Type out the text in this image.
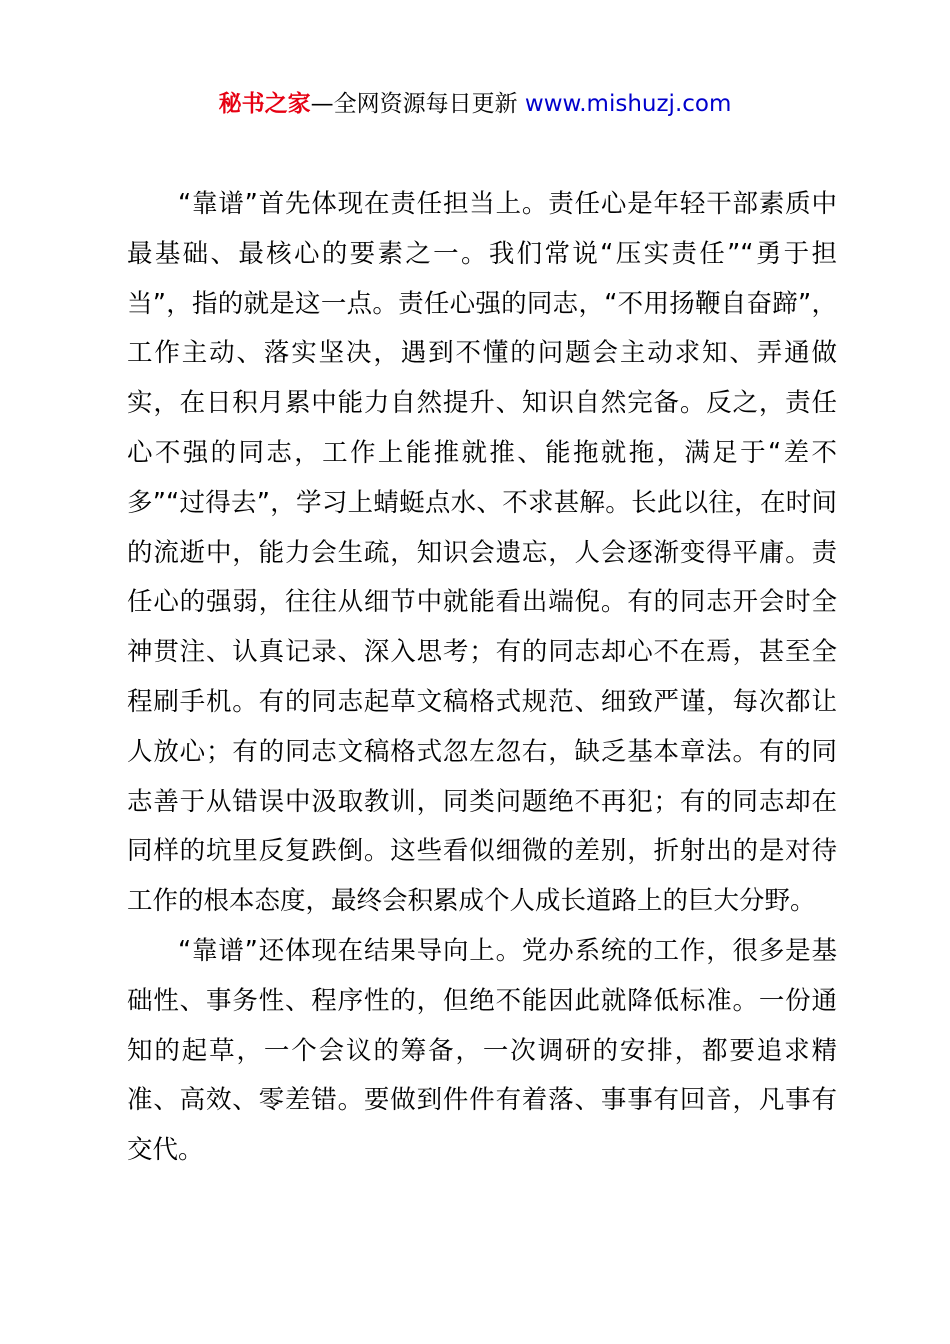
秘书之家—全网资源每日更新 www.mishuzj.com

“靠谱”首先体现在责任担当上。责任心是年轻干部素质中最基础、最核心的要素之一。我们常说“压实责任”“勇于担当”，指的就是这一点。责任心强的同志，“不用扬鞭自奋蹄”，工作主动、落实坚决，遇到不懂的问题会主动求知、弄通做实，在日积月累中能力自然提升、知识自然完备。反之，责任心不强的同志，工作上能推就推、能拖就拖，满足于“差不多”“过得去”，学习上蜻蜓点水、不求甚解。长此以往，在时间的流逝中，能力会生疏，知识会遗忘，人会逐渐变得平庸。责任心的强弱，往往从细节中就能看出端倪。有的同志开会时全神贯注、认真记录、深入思考；有的同志却心不在焉，甚至全程刷手机。有的同志起草文稿格式规范、细致严谨，每次都让人放心；有的同志文稿格式忽左忽右，缺乏基本章法。有的同志善于从错误中汲取教训，同类问题绝不再犯；有的同志却在同样的坑里反复跌倒。这些看似细微的差别，折射出的是对待工作的根本态度，最终会积累成个人成长道路上的巨大分野。

“靠谱”还体现在结果导向上。党办系统的工作，很多是基础性、事务性、程序性的，但绝不能因此就降低标准。一份通知的起草，一个会议的筹备，一次调研的安排，都要追求精准、高效、零差错。要做到件件有着落、事事有回音，凡事有交代。
